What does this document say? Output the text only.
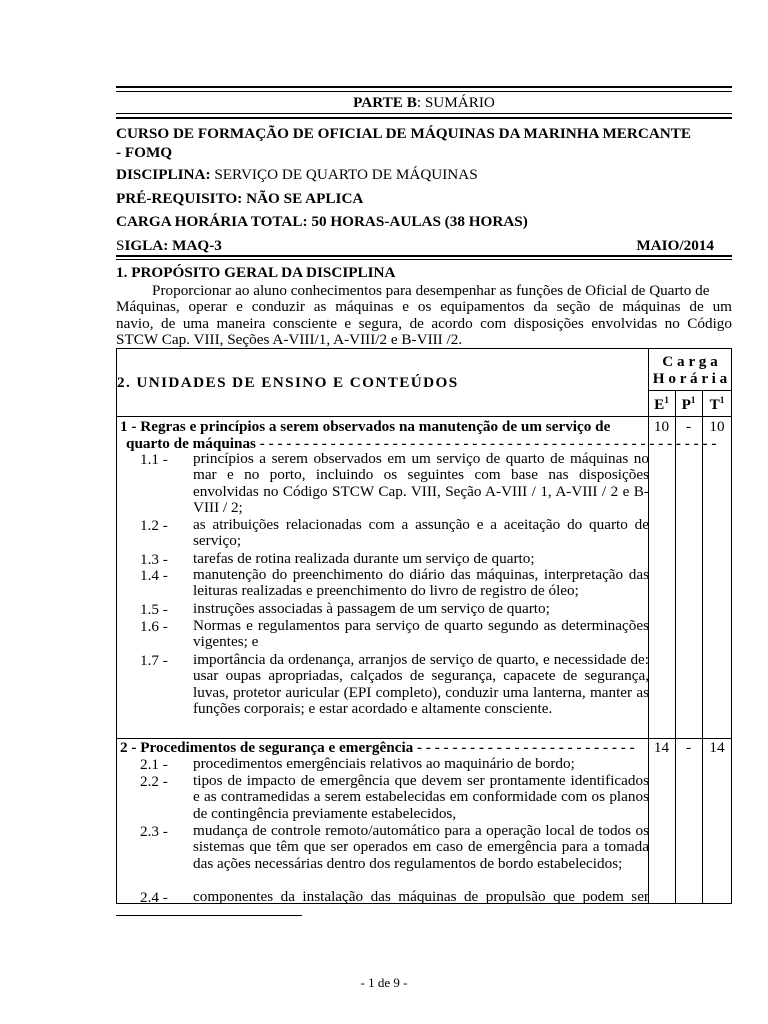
PARTE B: SUMÁRIO
CURSO DE FORMAÇÃO DE OFICIAL DE MÁQUINAS DA MARINHA MERCANTE
- FOMQ
DISCIPLINA: SERVIÇO DE QUARTO DE MÁQUINAS
PRÉ-REQUISITO: NÃO SE APLICA
CARGA HORÁRIA TOTAL: 50 HORAS-AULAS (38 HORAS)
SIGLA: MAQ-3	MAIO/2014
1. PROPÓSITO GERAL DA DISCIPLINA
Proporcionar ao aluno conhecimentos para desempenhar as funções de Oficial de Quarto de
Máquinas, operar e conduzir as máquinas e os equipamentos da seção de máquinas de um
navio, de uma maneira consciente e segura, de acordo com disposições envolvidas no Código
STCW Cap. VIII, Seções A-VIII/1, A-VIII/2 e B-VIII /2.
2. UNIDADES DE ENSINO E CONTEÚDOS
C a r g a
H o r á r i a
$E^1$ $P^1$ $T^1$
1 - Regras e princípios a serem observados na manutenção de um serviço de
quarto de máquinas - - - - - - - - - - - - - - - - - - - - - - - - - - - - - - - - - - - - - - - - - - - - - - - - - - - -
10	-	10
1.1 -	princípios a serem observados em um serviço de quarto de máquinas no mar e no porto, incluindo os seguintes com base nas disposições envolvidas no Código STCW Cap. VIII, Seção A-VIII / 1, A-VIII / 2 e B-VIII / 2;
1.2 -	as atribuições relacionadas com a assunção e a aceitação do quarto de serviço;
1.3 -	tarefas de rotina realizada durante um serviço de quarto;
1.4 -	manutenção do preenchimento do diário das máquinas, interpretação das leituras realizadas e preenchimento do livro de registro de óleo;
1.5 -	instruções associadas à passagem de um serviço de quarto;
1.6 -	Normas e regulamentos para serviço de quarto segundo as determinações vigentes; e
1.7 -	importância da ordenança, arranjos de serviço de quarto, e necessidade de: usar oupas apropriadas, calçados de segurança, capacete de segurança, luvas, protetor auricular (EPI completo), conduzir uma lanterna, manter as funções corporais; e estar acordado e altamente consciente.
2 - Procedimentos de segurança e emergência - - - - - - - - - - - - - - - - - - - - - - - - -	14	-	14
2.1 -	procedimentos emergênciais relativos ao maquinário de bordo;
2.2 -	tipos de impacto de emergência que devem ser prontamente identificados e as contramedidas a serem estabelecidas em conformidade com os planos de contingência previamente estabelecidos,
2.3 -	mudança de controle remoto/automático para a operação local de todos os sistemas que têm que ser operados em caso de emergência para a tomada das ações necessárias dentro dos regulamentos de bordo estabelecidos;
2.4 -	componentes da instalação das máquinas de propulsão que podem ser
- 1 de 9 -
